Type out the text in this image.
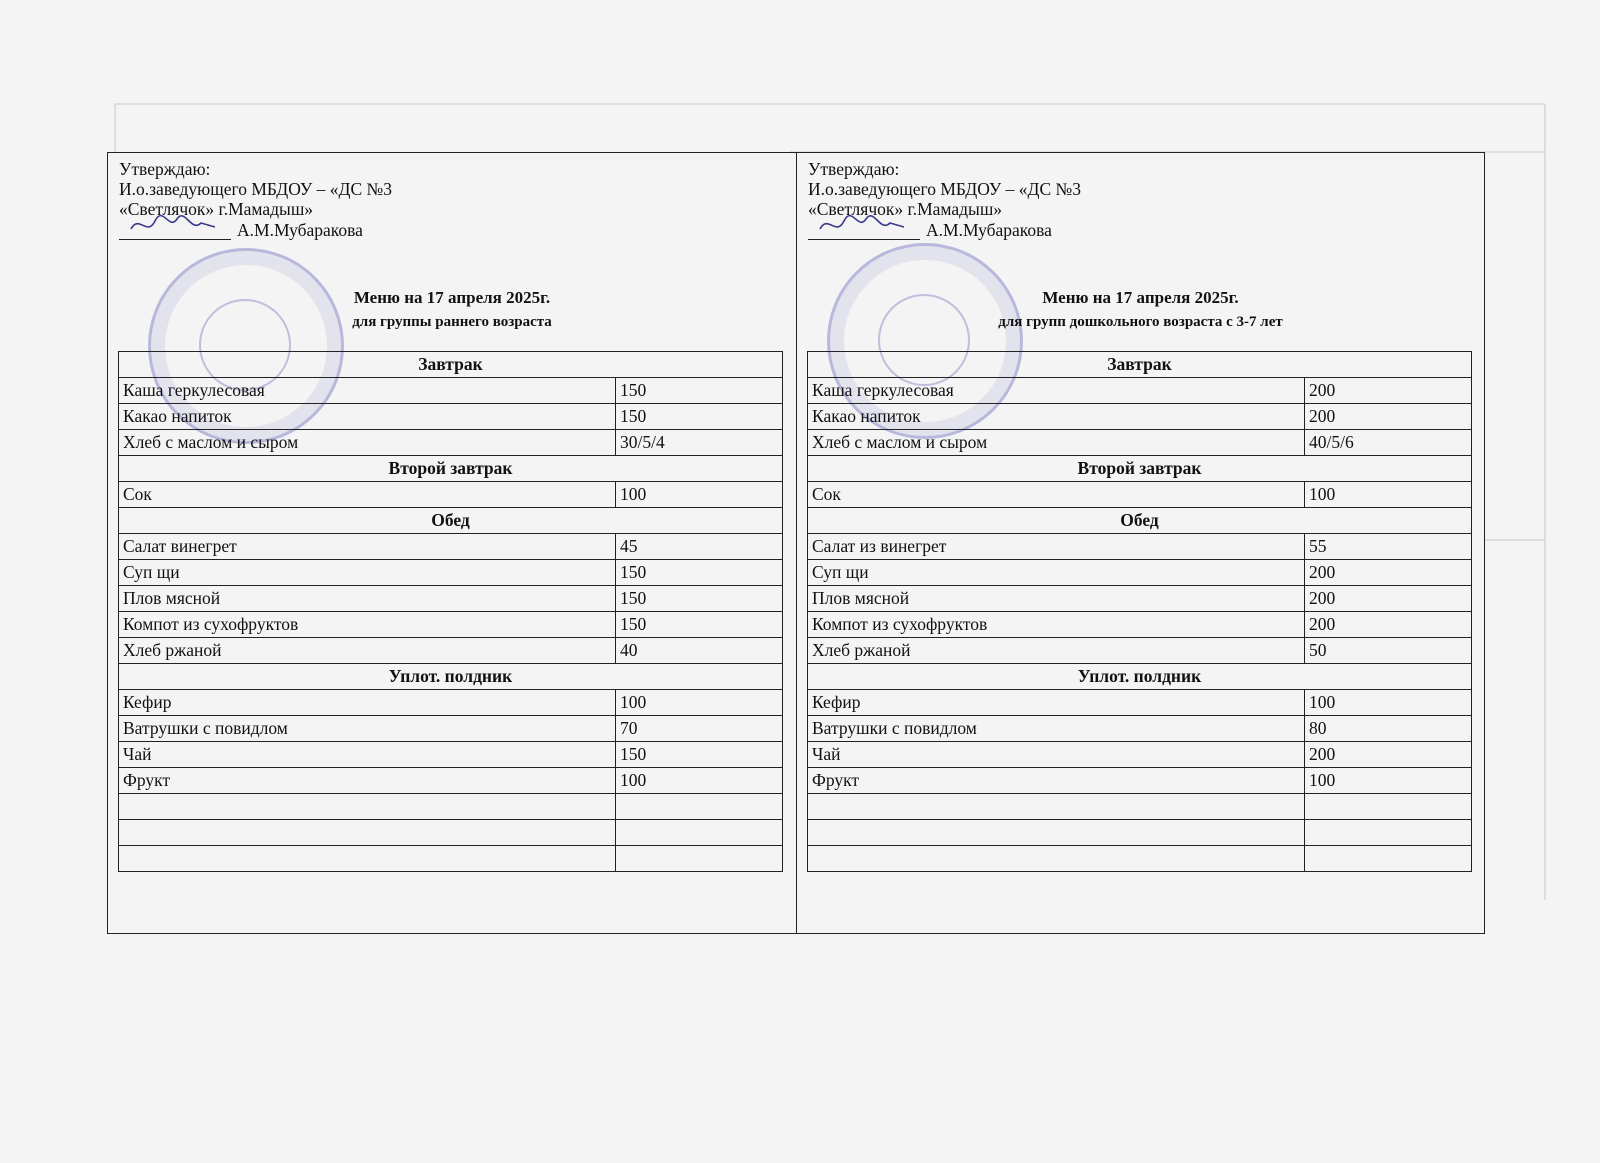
Утверждаю:
И.о.заведующего МБДОУ – «ДС №3
«Светлячок» г.Мамадыш»
А.М.Мубаракова
Меню на 17 апреля 2025г.
для группы раннего возраста
Завтрак	
Каша геркулесовая	150
Какао напиток	150
Хлеб с маслом и сыром	30/5/4
Второй завтрак	
Сок	100
Обед	
Салат винегрет	45
Суп щи	150
Плов мясной	150
Компот из сухофруктов	150
Хлеб ржаной	40
Уплот. полдник	
Кефир	100
Ватрушки с повидлом	70
Чай	150
Фрукт	100

Утверждаю:
И.о.заведующего МБДОУ – «ДС №3
«Светлячок» г.Мамадыш»
А.М.Мубаракова
Меню на 17 апреля 2025г.
для групп дошкольного возраста с 3-7 лет
Завтрак	
Каша геркулесовая	200
Какао напиток	200
Хлеб с маслом и сыром	40/5/6
Второй завтрак	
Сок	100
Обед	
Салат из винегрет	55
Суп щи	200
Плов мясной	200
Компот из сухофруктов	200
Хлеб ржаной	50
Уплот. полдник	
Кефир	100
Ватрушки с повидлом	80
Чай	200
Фрукт	100
